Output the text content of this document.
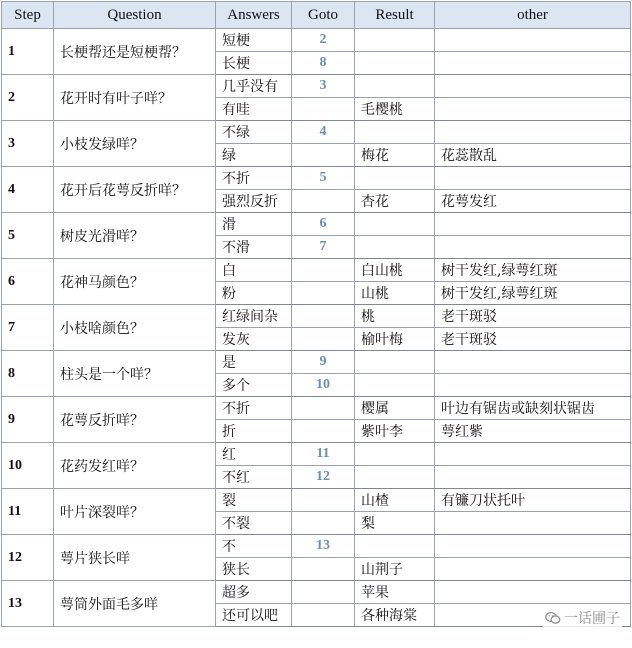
Step	Question	Answers	Goto	Result	other
1	长梗帮还是短梗帮？	短梗	2		
		长梗	8		
2	花开时有叶子咩？	几乎没有	3		
		有哇		毛樱桃	
3	小枝发绿咩？	不绿	4		
		绿		梅花	花蕊散乱
4	花开后花萼反折咩？	不折	5		
		强烈反折		杏花	花萼发红
5	树皮光滑咩？	滑	6		
		不滑	7		
6	花神马颜色？	白		白山桃	树干发红,绿萼红斑
		粉		山桃	树干发红,绿萼红斑
7	小枝啥颜色？	红绿间杂		桃	老干斑驳
		发灰		榆叶梅	老干斑驳
8	柱头是一个咩？	是	9		
		多个	10		
9	花萼反折咩？	不折		樱属	叶边有锯齿或缺刻状锯齿
		折		紫叶李	萼红紫
10	花药发红咩？	红	11		
		不红	12		
11	叶片深裂咩？	裂		山楂	有镰刀状托叶
		不裂		梨	
12	萼片狭长咩	不	13		
		狭长		山荆子	
13	萼筒外面毛多咩	超多		苹果	
		还可以吧		各种海棠		一话圃子
